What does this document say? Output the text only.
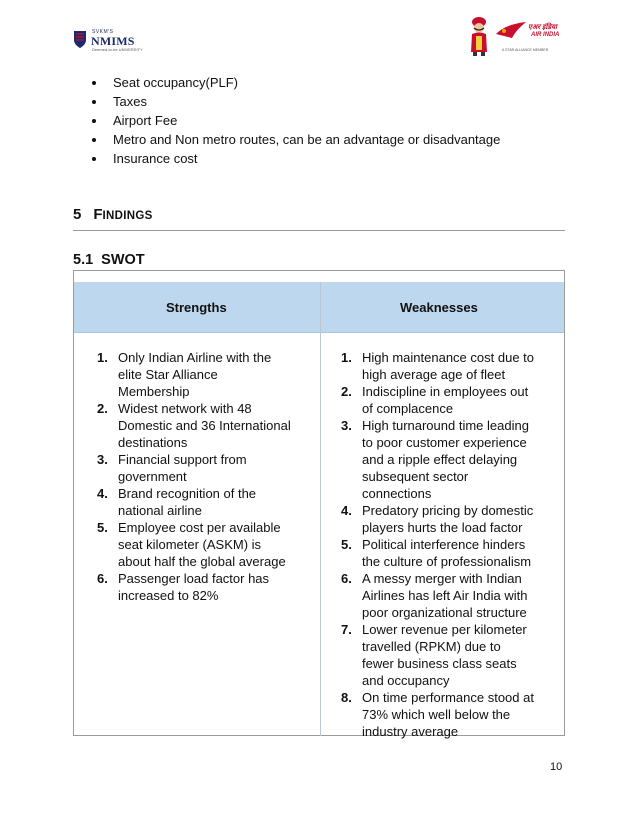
SVKM'S
NMIMS
Deemed-to-be UNIVERSITY
एअर इंडिया
AIR INDIA
A STAR ALLIANCE MEMBER
Seat occupancy(PLF)
Taxes
Airport Fee
Metro and Non metro routes, can be an advantage or disadvantage
Insurance cost
5 FINDINGS
5.1 SWOT
Strengths	Weaknesses
1. Only Indian Airline with the
elite Star Alliance
Membership
2. Widest network with 48
Domestic and 36 International
destinations
3. Financial support from
government
4. Brand recognition of the
national airline
5. Employee cost per available
seat kilometer (ASKM) is
about half the global average
6. Passenger load factor has
increased to 82%
1. High maintenance cost due to
high average age of fleet
2. Indiscipline in employees out
of complacence
3. High turnaround time leading
to poor customer experience
and a ripple effect delaying
subsequent sector
connections
4. Predatory pricing by domestic
players hurts the load factor
5. Political interference hinders
the culture of professionalism
6. A messy merger with Indian
Airlines has left Air India with
poor organizational structure
7. Lower revenue per kilometer
travelled (RPKM) due to
fewer business class seats
and occupancy
8. On time performance stood at
73% which well below the
industry average
10
